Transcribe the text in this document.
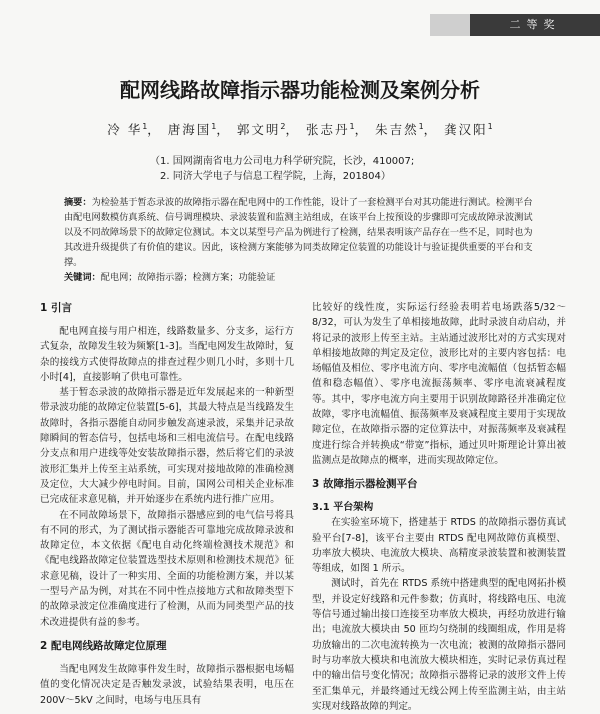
二等奖
配网线路故障指示器功能检测及案例分析
冷 华$^1$， 唐海国$^1$， 郭文明$^2$， 张志丹$^1$， 朱吉然$^1$， 龚汉阳$^1$
（1. 国网湖南省电力公司电力科学研究院，长沙，410007;
2. 同济大学电子与信息工程学院，上海，201804）
摘要：为检验基于暂态录波的故障指示器在配电网中的工作性能，设计了一套检测平台对其功能进行测试。检测平台由配电网数模仿真系统、信号调理模块、录波装置和监测主站组成，在该平台上按预设的步骤即可完成故障录波测试以及不同故障场景下的故障定位测试。本文以某型号产品为例进行了检测，结果表明该产品存在一些不足，同时也为其改进升级提供了有价值的建议。因此，该检测方案能够为同类故障定位装置的功能设计与验证提供重要的平台和支撑。
关键词：配电网；故障指示器；检测方案；功能验证
1 引言

配电网直接与用户相连，线路数量多、分支多，运行方式复杂，故障发生较为频繁[1-3]。当配电网发生故障时，复杂的接线方式使得故障点的排查过程少则几小时，多则十几小时[4]，直接影响了供电可靠性。

基于暂态录波的故障指示器是近年发展起来的一种新型带录波功能的故障定位装置[5-6]，其最大特点是当线路发生故障时，各指示器能自动同步触发高速录波，采集并记录故障瞬间的暂态信号，包括电场和三相电流信号。在配电线路分支点和用户进线等处安装故障指示器，然后将它们的录波波形汇集并上传至主站系统，可实现对接地故障的准确检测及定位，大大减少停电时间。目前，国网公司相关企业标准已完成征求意见稿，并开始逐步在系统内进行推广应用。

在不同故障场景下，故障指示器感应到的电气信号将具有不同的形式，为了测试指示器能否可靠地完成故障录波和故障定位，本文依据《配电自动化终端检测技术规范》和《配电线路故障定位装置选型技术原则和检测技术规范》征求意见稿，设计了一种实用、全面的功能检测方案，并以某一型号产品为例，对其在不同中性点接地方式和故障类型下的故障录波定位准确度进行了检测，从而为同类型产品的技术改进提供有益的参考。

2 配电网线路故障定位原理

当配电网发生故障事件发生时，故障指示器根据电场幅值的变化情况决定是否触发录波，试验结果表明，电压在 200V～5kV 之间时，电场与电压具有

比较好的线性度，实际运行经验表明若电场跌落5/32～8/32，可认为发生了单相接地故障，此时录波自动启动，并将记录的波形上传至主站。主站通过波形比对的方式实现对单相接地故障的判定及定位，波形比对的主要内容包括：电场幅值及相位、零序电流方向、零序电流幅值（包括暂态幅值和稳态幅值）、零序电流振荡频率、零序电流衰减程度等。其中，零序电流方向主要用于识别故障路径并准确定位故障，零序电流幅值、振荡频率及衰减程度主要用于实现故障定位，在故障指示器的定位算法中，对振荡频率及衰减程度进行综合并转换成“带宽”指标，通过贝叶斯理论计算出被监测点是故障点的概率，进而实现故障定位。

3 故障指示器检测平台
3.1 平台架构

在实验室环境下，搭建基于 RTDS 的故障指示器仿真试验平台[7-8]，该平台主要由 RTDS 配电网故障仿真模型、功率放大模块、电流放大模块、高精度录波装置和被测装置等组成，如图 1 所示。

测试时，首先在 RTDS 系统中搭建典型的配电网拓扑模型，并设定好线路和元件参数；仿真时，将线路电压、电流等信号通过输出接口连接至功率放大模块，再经功放进行输出；电流放大模块由 50 匝均匀绕制的线圈组成，作用是将功放输出的二次电流转换为一次电流；被测的故障指示器同时与功率放大模块和电流放大模块相连，实时记录仿真过程中的输出信号变化情况；故障指示器将记录的波形文件上传至汇集单元，并最终通过无线公网上传至监测主站，由主站实现对线路故障的判定。
